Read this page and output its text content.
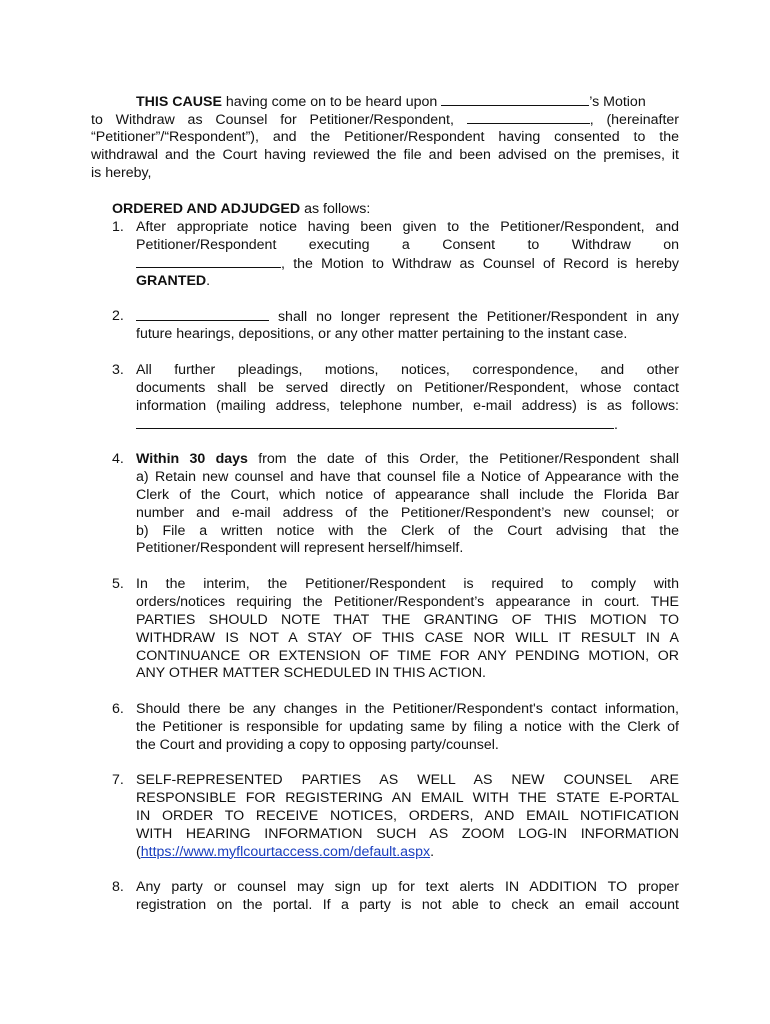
THIS CAUSE having come on to be heard upon	’s Motion
to Withdraw as Counsel for Petitioner/Respondent,	, (hereinafter
“Petitioner”/“Respondent”), and the Petitioner/Respondent having consented to the
withdrawal and the Court having reviewed the file and been advised on the premises, it
is hereby,
ORDERED AND ADJUDGED as follows:
1. After appropriate notice having been given to the Petitioner/Respondent, and
Petitioner/Respondent executing a Consent to Withdraw on
, the Motion to Withdraw as Counsel of Record is hereby
GRANTED.
2.	shall no longer represent the Petitioner/Respondent in any
future hearings, depositions, or any other matter pertaining to the instant case.
3. All further pleadings, motions, notices, correspondence, and other
documents shall be served directly on Petitioner/Respondent, whose contact
information (mailing address, telephone number, e-mail address) is as follows:
.
4. Within 30 days from the date of this Order, the Petitioner/Respondent shall
a) Retain new counsel and have that counsel file a Notice of Appearance with the
Clerk of the Court, which notice of appearance shall include the Florida Bar
number and e-mail address of the Petitioner/Respondent’s new counsel; or
b) File a written notice with the Clerk of the Court advising that the
Petitioner/Respondent will represent herself/himself.
5. In the interim, the Petitioner/Respondent is required to comply with
orders/notices requiring the Petitioner/Respondent’s appearance in court. THE
PARTIES SHOULD NOTE THAT THE GRANTING OF THIS MOTION TO
WITHDRAW IS NOT A STAY OF THIS CASE NOR WILL IT RESULT IN A
CONTINUANCE OR EXTENSION OF TIME FOR ANY PENDING MOTION, OR
ANY OTHER MATTER SCHEDULED IN THIS ACTION.
6. Should there be any changes in the Petitioner/Respondent's contact information,
the Petitioner is responsible for updating same by filing a notice with the Clerk of
the Court and providing a copy to opposing party/counsel.
7. SELF-REPRESENTED PARTIES AS WELL AS NEW COUNSEL ARE
RESPONSIBLE FOR REGISTERING AN EMAIL WITH THE STATE E-PORTAL
IN ORDER TO RECEIVE NOTICES, ORDERS, AND EMAIL NOTIFICATION
WITH HEARING INFORMATION SUCH AS ZOOM LOG-IN INFORMATION
(https://www.myflcourtaccess.com/default.aspx.
8. Any party or counsel may sign up for text alerts IN ADDITION TO proper
registration on the portal. If a party is not able to check an email account
